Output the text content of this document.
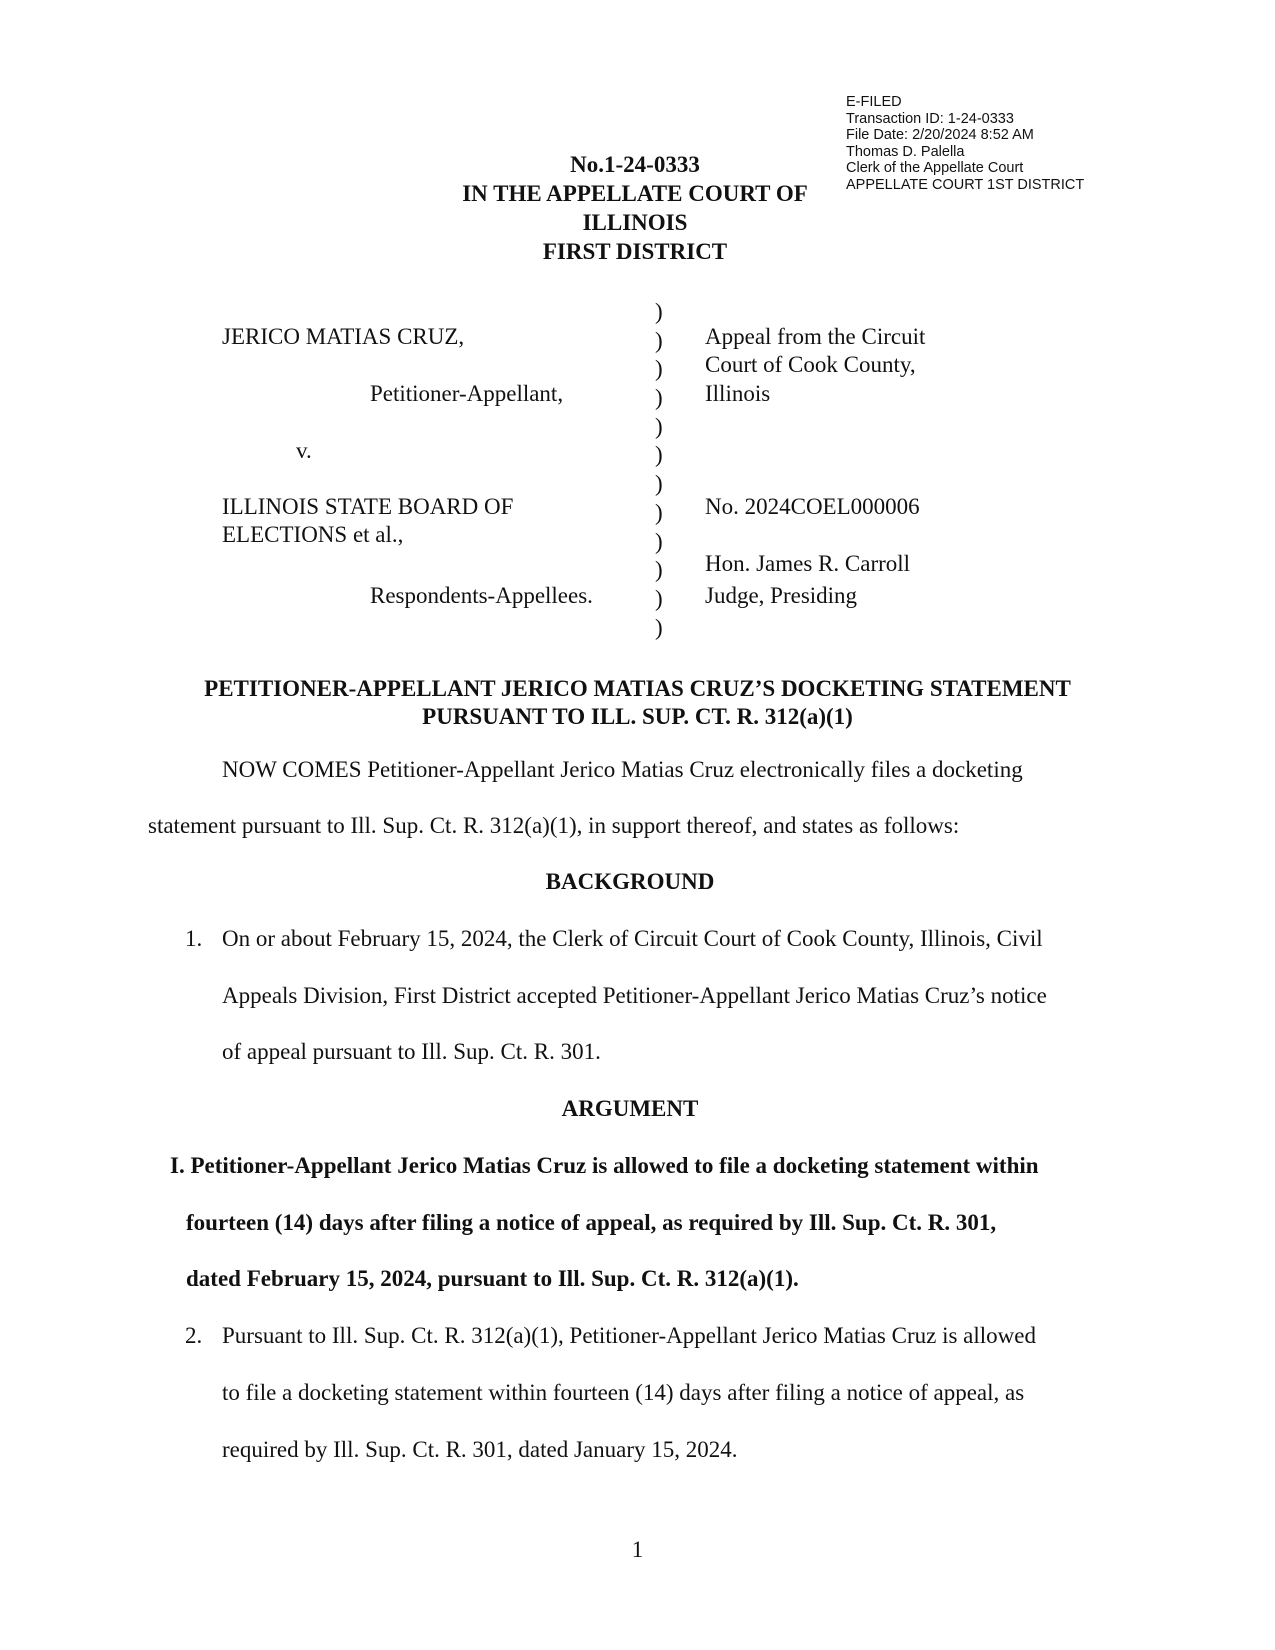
E-FILED
Transaction ID: 1-24-0333
File Date: 2/20/2024 8:52 AM
Thomas D. Palella
Clerk of the Appellate Court
APPELLATE COURT 1ST DISTRICT
No.1-24-0333
IN THE APPELLATE COURT OF
ILLINOIS
FIRST DISTRICT
JERICO MATIAS CRUZ,
Petitioner-Appellant,
v.
ILLINOIS STATE BOARD OF
ELECTIONS et al.,
Respondents-Appellees.
)
)
)
)
)
)
)
)
)
)
)
)
Appeal from the Circuit
Court of Cook County,
Illinois
No. 2024COEL000006
Hon. James R. Carroll
Judge, Presiding
PETITIONER-APPELLANT JERICO MATIAS CRUZ’S DOCKETING STATEMENT
PURSUANT TO ILL. SUP. CT. R. 312(a)(1)
NOW COMES Petitioner-Appellant Jerico Matias Cruz electronically files a docketing
statement pursuant to Ill. Sup. Ct. R. 312(a)(1), in support thereof, and states as follows:
BACKGROUND
1. On or about February 15, 2024, the Clerk of Circuit Court of Cook County, Illinois, Civil
Appeals Division, First District accepted Petitioner-Appellant Jerico Matias Cruz’s notice
of appeal pursuant to Ill. Sup. Ct. R. 301.
ARGUMENT
I. Petitioner-Appellant Jerico Matias Cruz is allowed to file a docketing statement within
fourteen (14) days after filing a notice of appeal, as required by Ill. Sup. Ct. R. 301,
dated February 15, 2024, pursuant to Ill. Sup. Ct. R. 312(a)(1).
2. Pursuant to Ill. Sup. Ct. R. 312(a)(1), Petitioner-Appellant Jerico Matias Cruz is allowed
to file a docketing statement within fourteen (14) days after filing a notice of appeal, as
required by Ill. Sup. Ct. R. 301, dated January 15, 2024.
1
